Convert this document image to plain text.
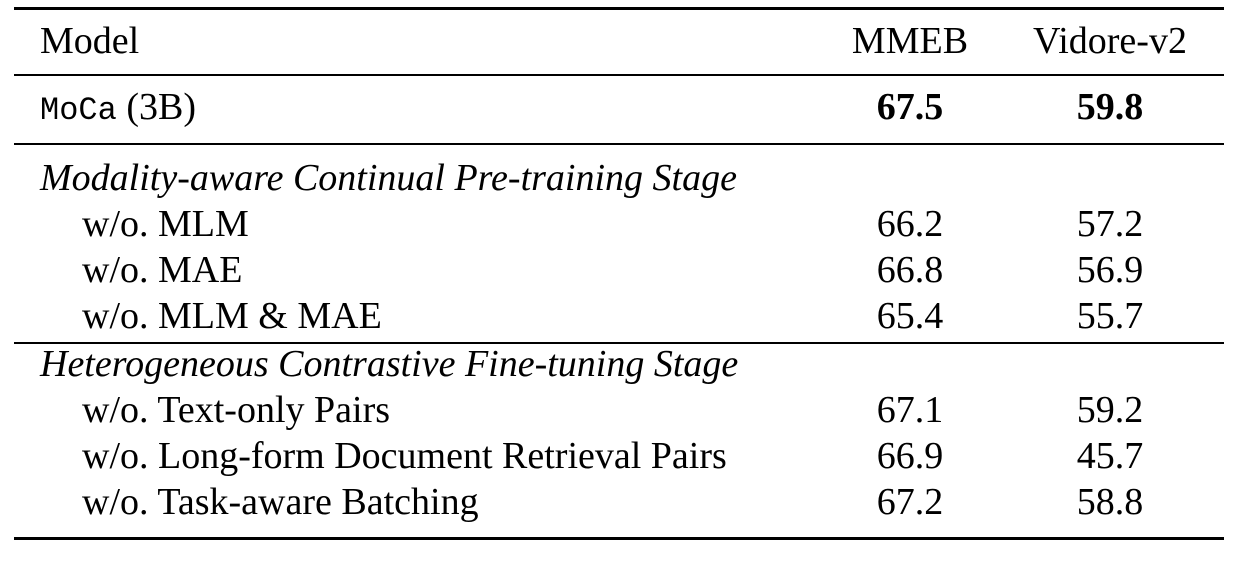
Model	MMEB	Vidore-v2
MoCa (3B)	67.5	59.8
Modality-aware Continual Pre-training Stage
w/o. MLM	66.2	57.2
w/o. MAE	66.8	56.9
w/o. MLM & MAE	65.4	55.7
Heterogeneous Contrastive Fine-tuning Stage
w/o. Text-only Pairs	67.1	59.2
w/o. Long-form Document Retrieval Pairs	66.9	45.7
w/o. Task-aware Batching	67.2	58.8
